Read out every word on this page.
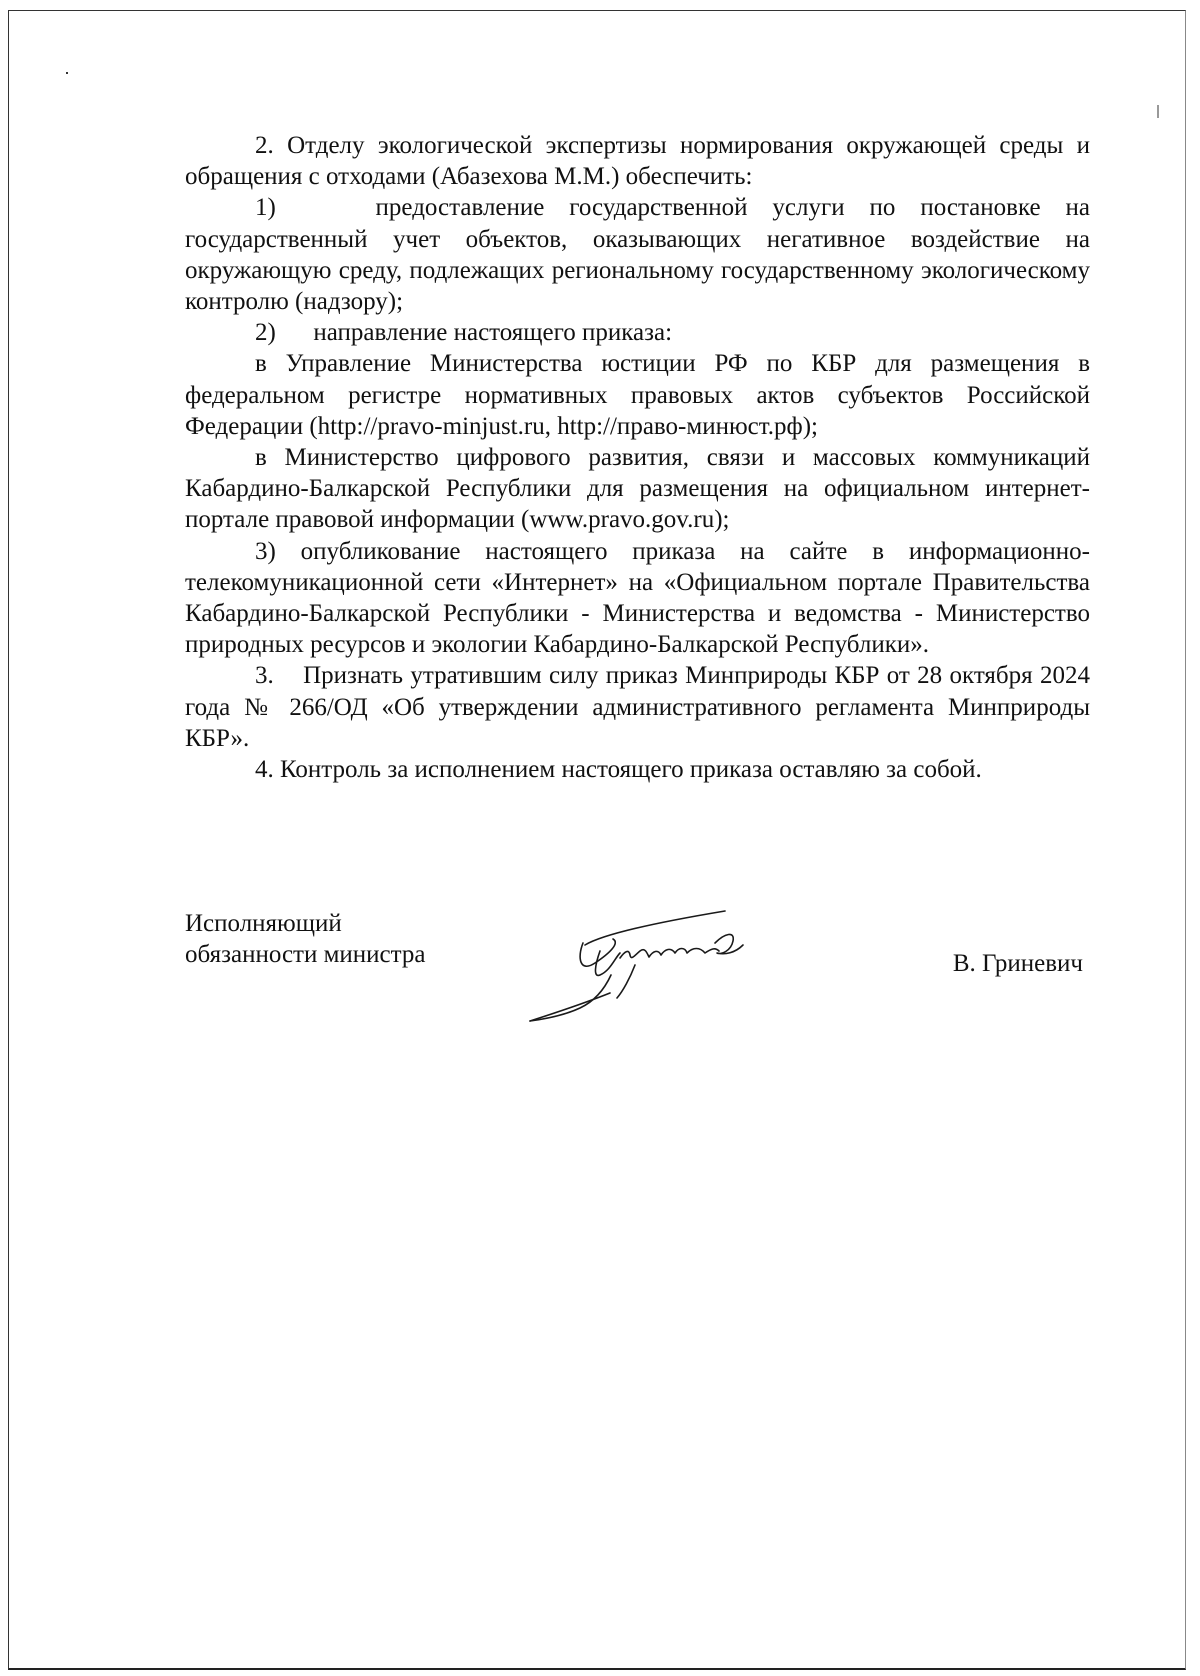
2. Отделу экологической экспертизы нормирования окружающей среды и обращения с отходами (Абазехова М.М.) обеспечить:

1)    предоставление государственной услуги по постановке на государственный учет объектов, оказывающих негативное воздействие на окружающую среду, подлежащих региональному государственному экологическому контролю (надзору);

2)      направление настоящего приказа:

в Управление Министерства юстиции РФ по КБР для размещения в федеральном регистре нормативных правовых актов субъектов Российской Федерации (http://pravo-minjust.ru, http://право-минюст.рф);

в Министерство цифрового развития, связи и массовых коммуникаций Кабардино-Балкарской Республики для размещения на официальном интернет-портале правовой информации (www.pravo.gov.ru);

3) опубликование настоящего приказа на сайте в информационно-телекомуникационной сети «Интернет» на «Официальном портале Правительства Кабардино-Балкарской Республики - Министерства и ведомства - Министерство природных ресурсов и экологии Кабардино-Балкарской Республики».

3.    Признать утратившим силу приказ Минприроды КБР от 28 октября 2024 года № 266/ОД «Об утверждении административного регламента Минприроды КБР».

4. Контроль за исполнением настоящего приказа оставляю за собой.

Исполняющий
обязанности министра	В. Гриневич
